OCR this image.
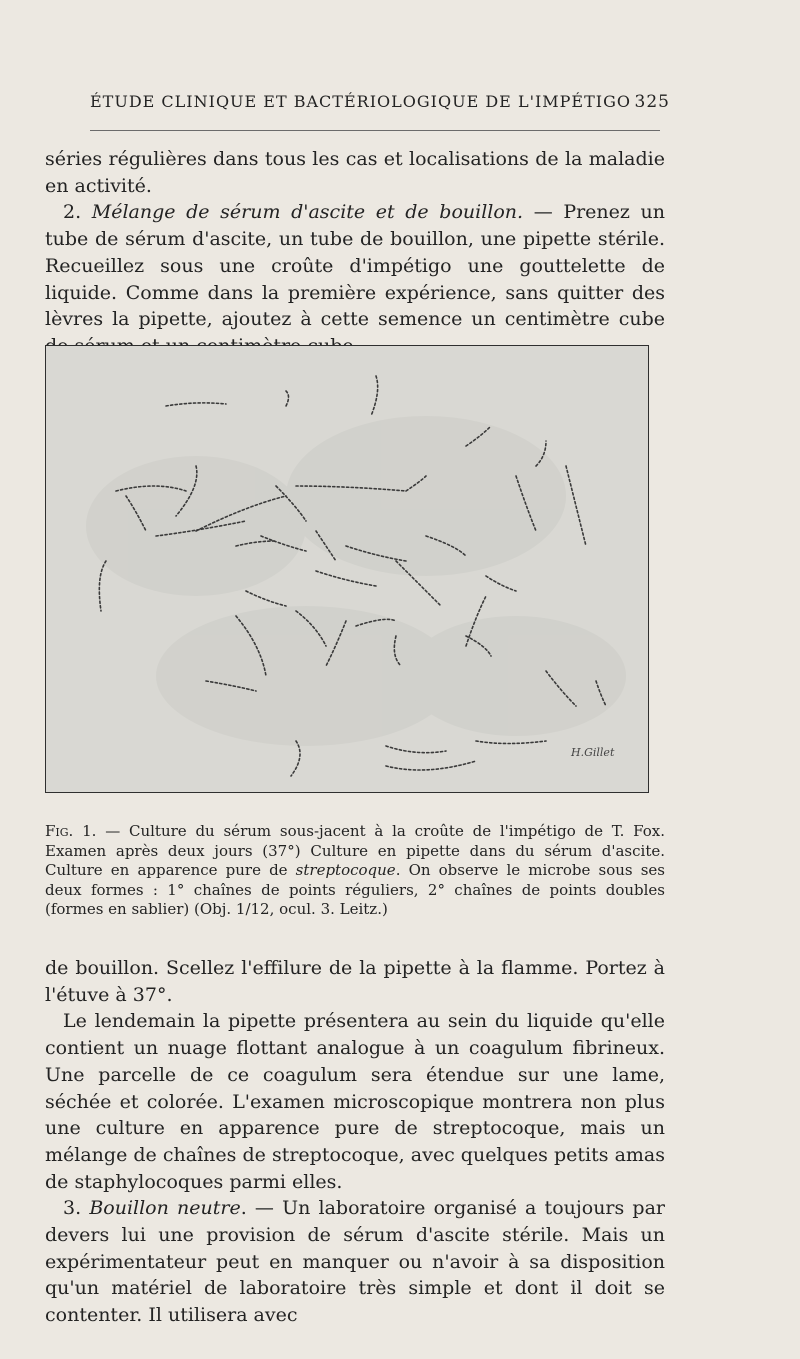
ÉTUDE CLINIQUE ET BACTÉRIOLOGIQUE DE L'IMPÉTIGO 325

séries régulières dans tous les cas et localisations de la maladie en activité.

2. Mélange de sérum d'ascite et de bouillon. — Prenez un tube de sérum d'ascite, un tube de bouillon, une pipette stérile. Recueillez sous une croûte d'impétigo une gouttelette de liquide. Comme dans la première expérience, sans quitter des lèvres la pipette, ajoutez à cette semence un centimètre cube

H.Gillet
Fig. 1. — Culture du sérum sous-jacent à la croûte de l'impétigo de T. Fox. Examen après deux jours (37°) Culture en pipette dans du sérum d'ascite. Culture en apparence pure de streptocoque. On observe le microbe sous ses deux formes : 1° chaînes de points réguliers, 2° chaînes de points doubles (formes en sablier) (Obj. 1/12, ocul. 3. Leitz.)

de bouillon. Scellez l'effilure de la pipette à la flamme. Portez à l'étuve à 37°.

Le lendemain la pipette présentera au sein du liquide qu'elle contient un nuage flottant analogue à un coagulum fibrineux. Une parcelle de ce coagulum sera étendue sur une lame, séchée et colorée. L'examen microscopique montrera non plus une culture en apparence pure de streptocoque, mais un mélange de chaînes de streptocoque, avec quelques petits amas de staphylocoques parmi elles.

3. Bouillon neutre. — Un laboratoire organisé a toujours par devers lui une provision de sérum d'ascite stérile. Mais un expérimentateur peut en manquer ou n'avoir à sa disposition qu'un matériel de laboratoire très simple et dont il doit se contenter. Il utilisera avec
